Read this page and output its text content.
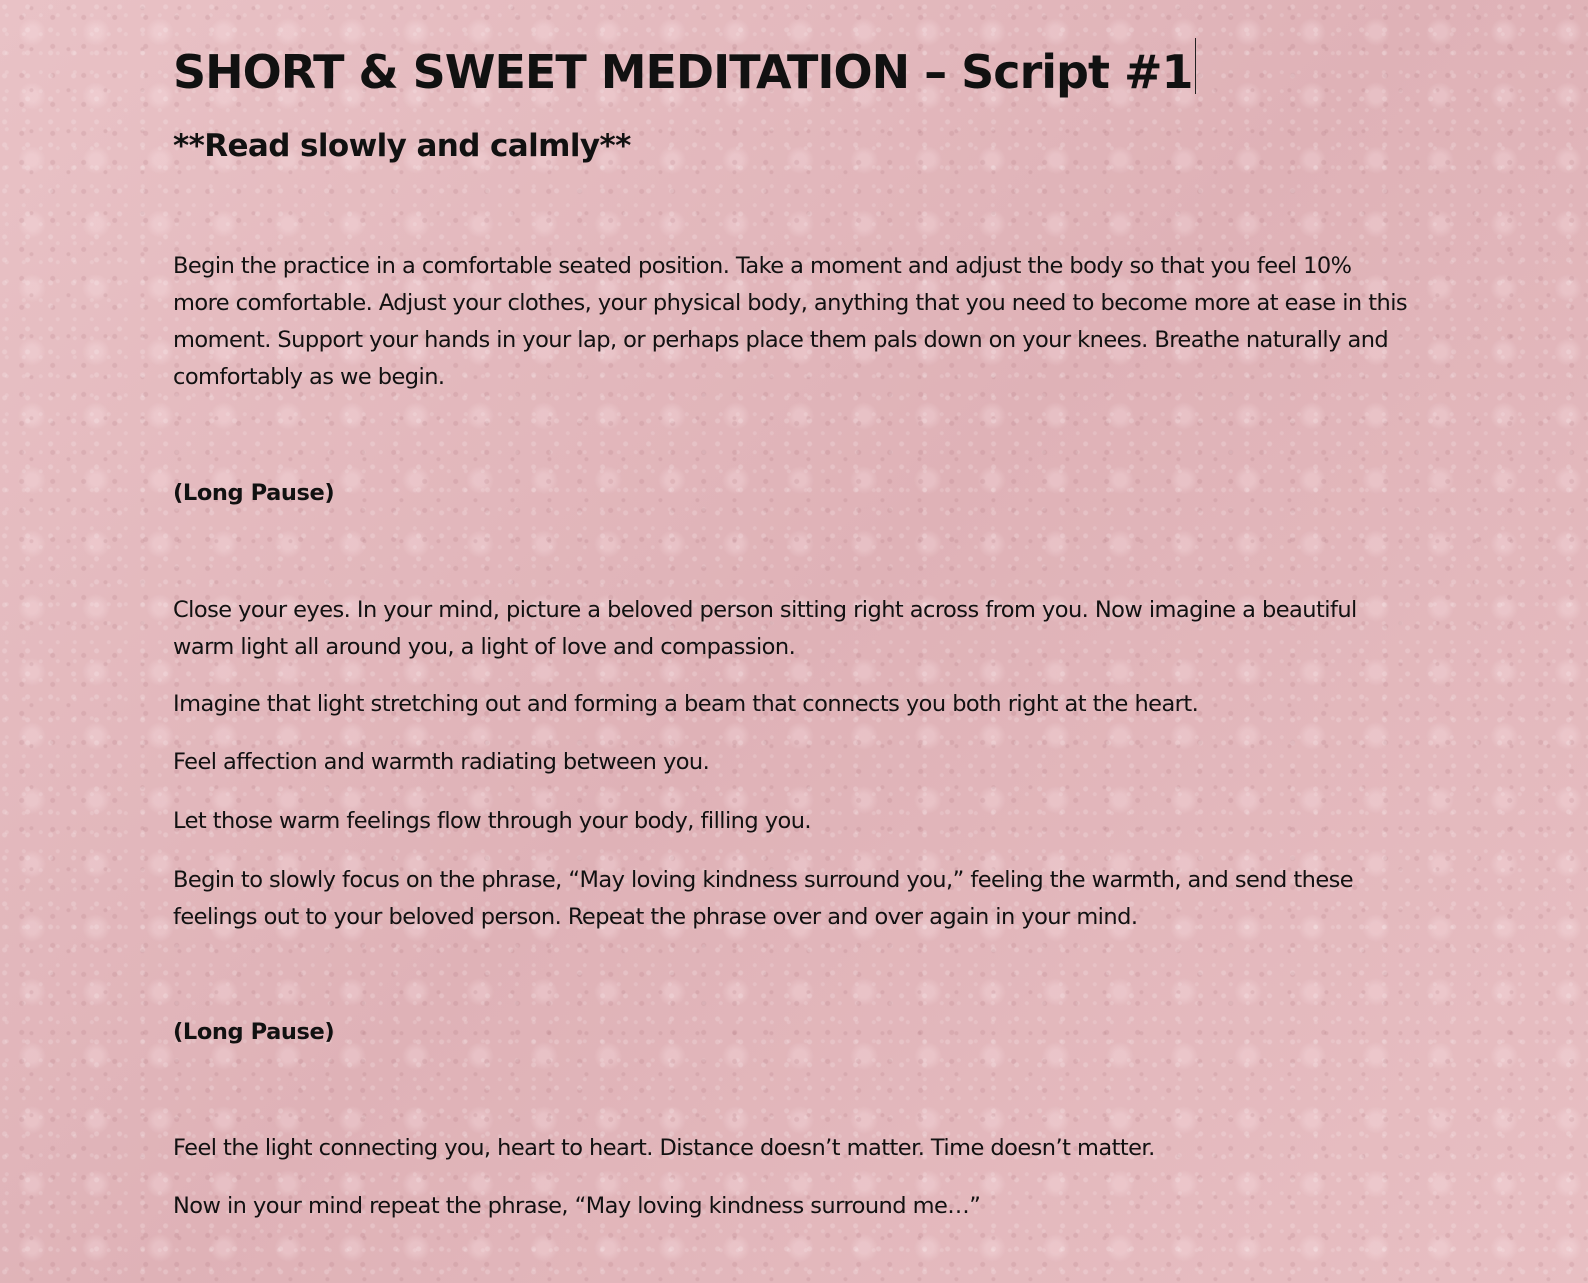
SHORT & SWEET MEDITATION – Script #1
**Read slowly and calmly**

Begin the practice in a comfortable seated position. Take a moment and adjust the body so that you feel 10% more comfortable. Adjust your clothes, your physical body, anything that you need to become more at ease in this moment. Support your hands in your lap, or perhaps place them pals down on your knees. Breathe naturally and comfortably as we begin.

(Long Pause)

Close your eyes. In your mind, picture a beloved person sitting right across from you. Now imagine a beautiful warm light all around you, a light of love and compassion.

Imagine that light stretching out and forming a beam that connects you both right at the heart.

Feel affection and warmth radiating between you.

Let those warm feelings flow through your body, filling you.

Begin to slowly focus on the phrase, “May loving kindness surround you,” feeling the warmth, and send these feelings out to your beloved person. Repeat the phrase over and over again in your mind.

(Long Pause)

Feel the light connecting you, heart to heart. Distance doesn’t matter. Time doesn’t matter.

Now in your mind repeat the phrase, “May loving kindness surround me…”
